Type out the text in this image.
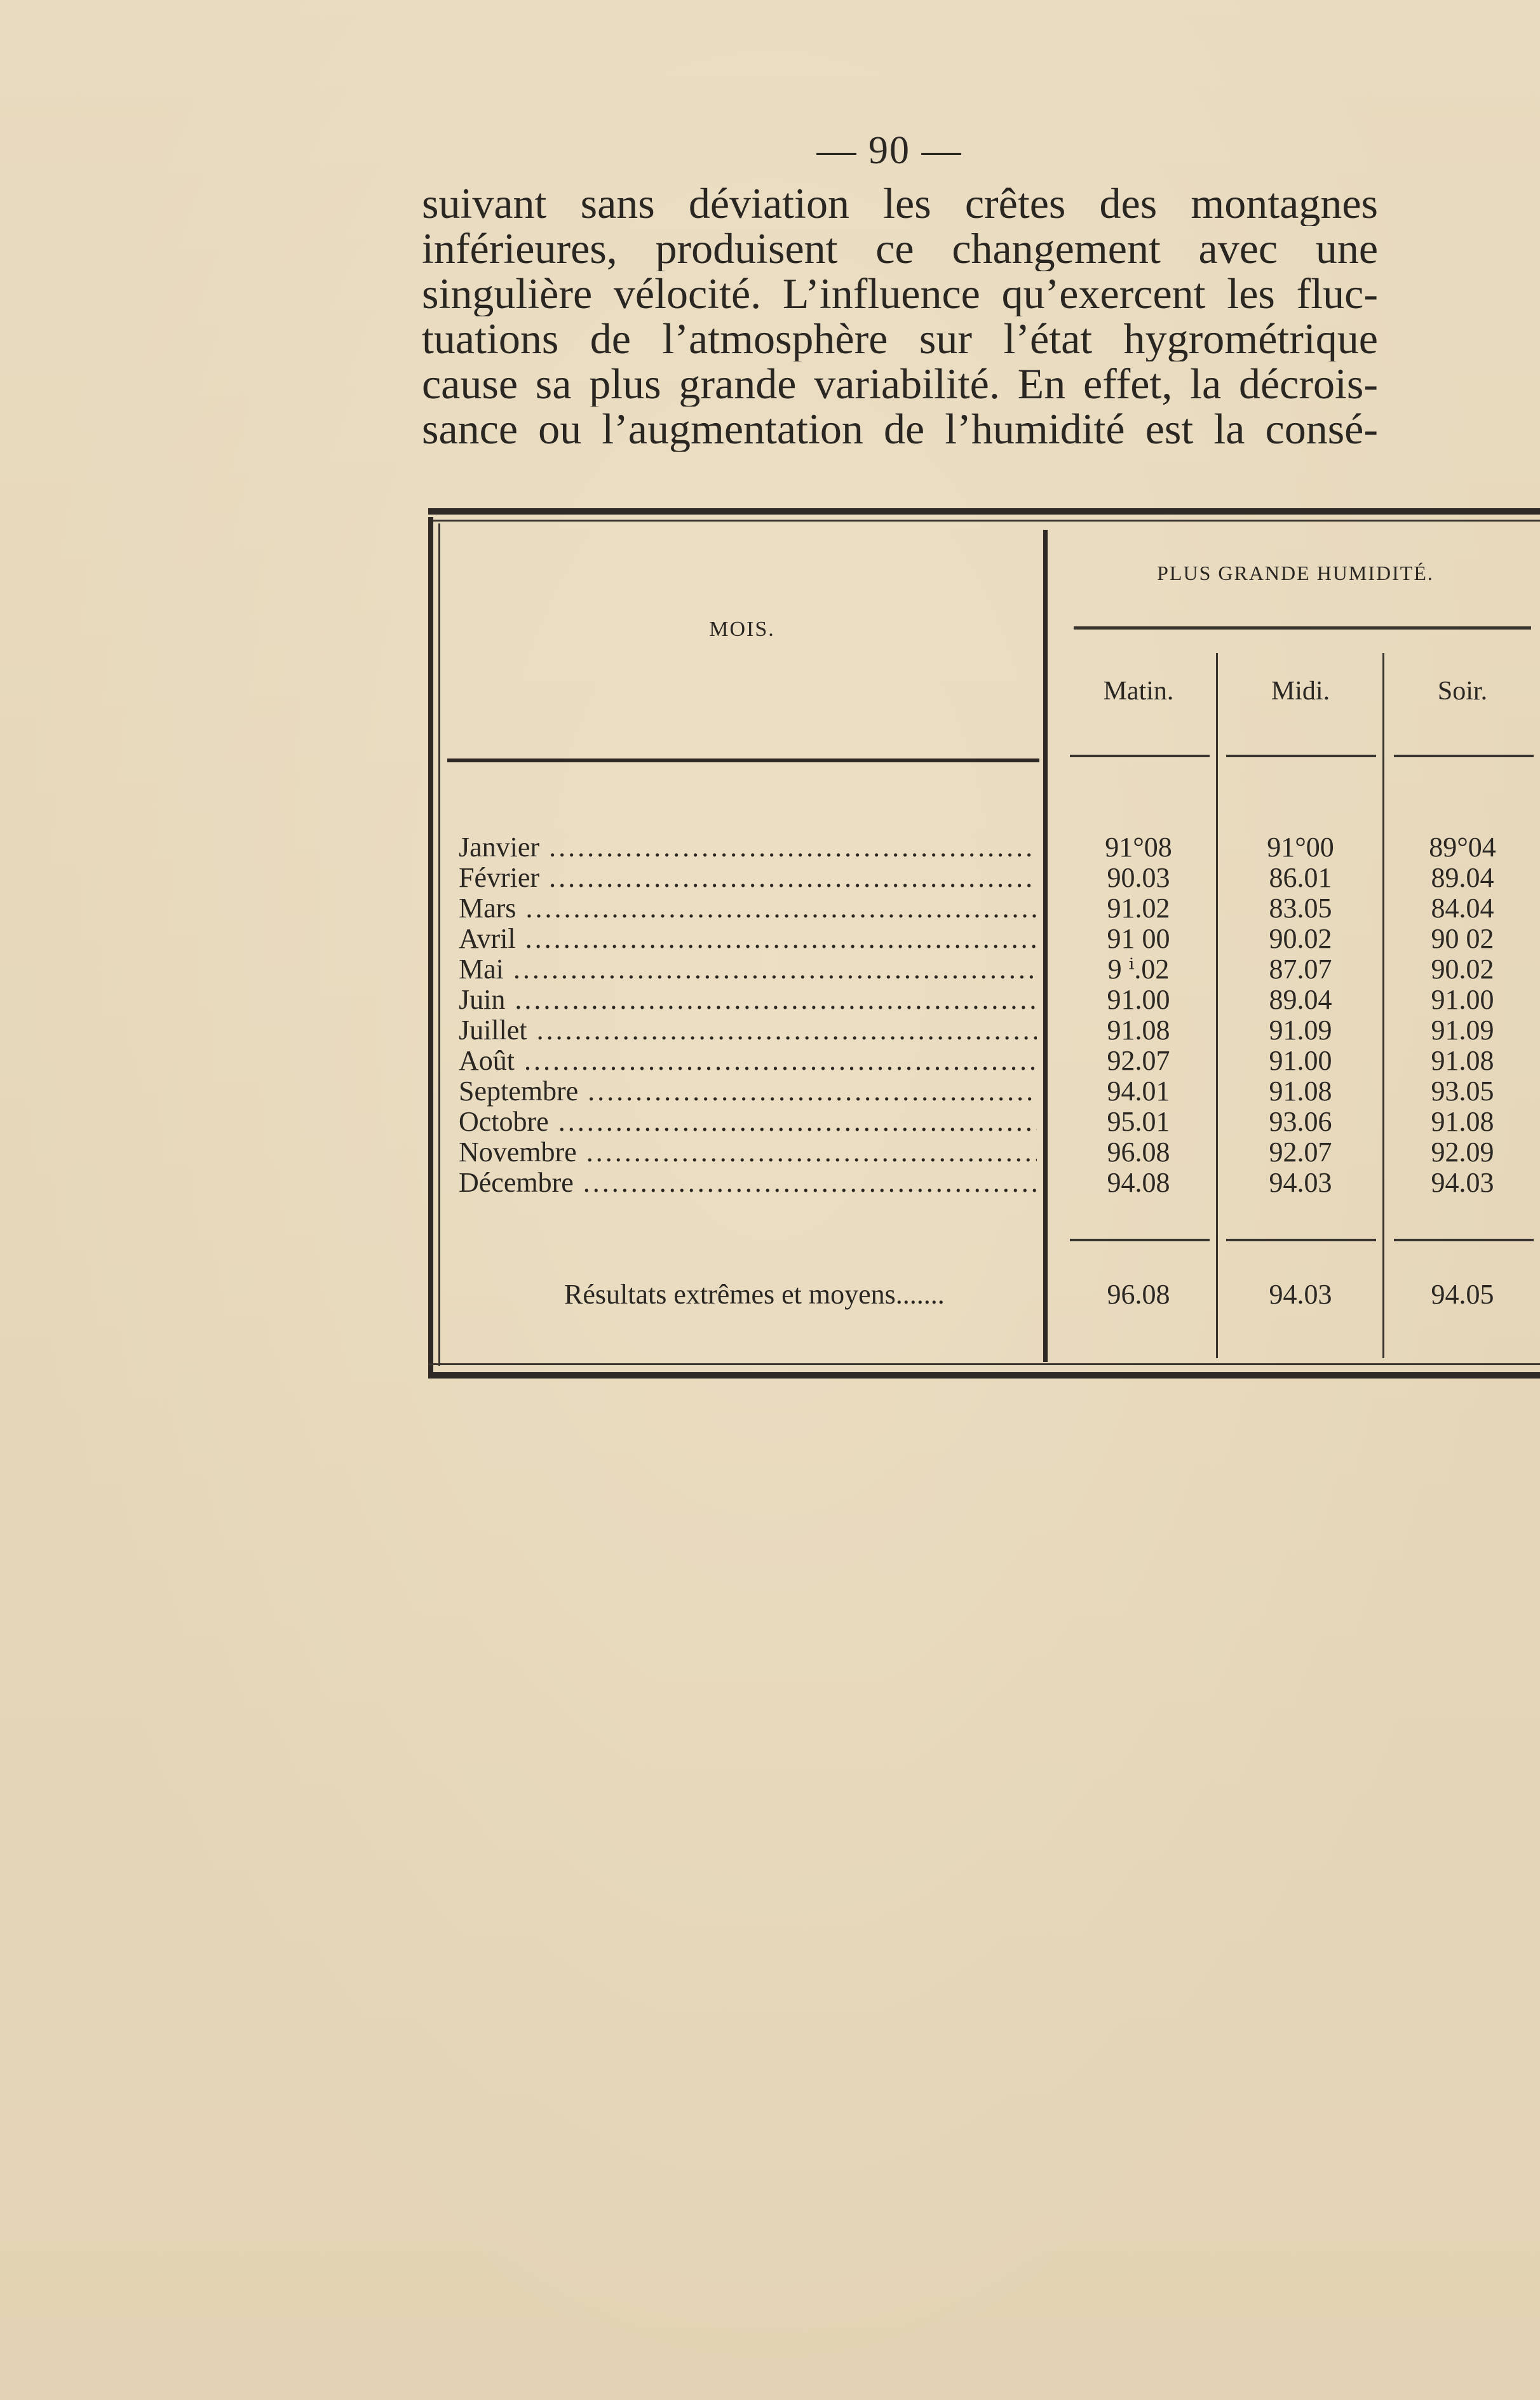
— 90 —
suivant sans déviation les crêtes des montagnes
inférieures, produisent ce changement avec une
singulière vélocité. L’influence qu’exercent les fluc-
tuations de l’atmosphère sur l’état hygrométrique
cause sa plus grande variabilité. En effet, la décrois-
sance ou l’augmentation de l’humidité est la consé-
MOIS.
PLUS GRANDE HUMIDITÉ.
Matin.	Midi.	Soir.
Janvier .....	91°08	91°00	89°04
Février .....	90.03	86.01	89.04
Mars .....	91.02	83.05	84.04
Avril .....	91 00	90.02	90 02
Mai .....	9 ⁱ.02	87.07	90.02
Juin .....	91.00	89.04	91.00
Juillet .....	91.08	91.09	91.09
Août .....	92.07	91.00	91.08
Septembre .....	94.01	91.08	93.05
Octobre .....	95.01	93.06	91.08
Novembre .....	96.08	92.07	92.09
Décembre .....	94.08	94.03	94.03
Résultats extrêmes et moyens.......	96.08	94.03	94.05
